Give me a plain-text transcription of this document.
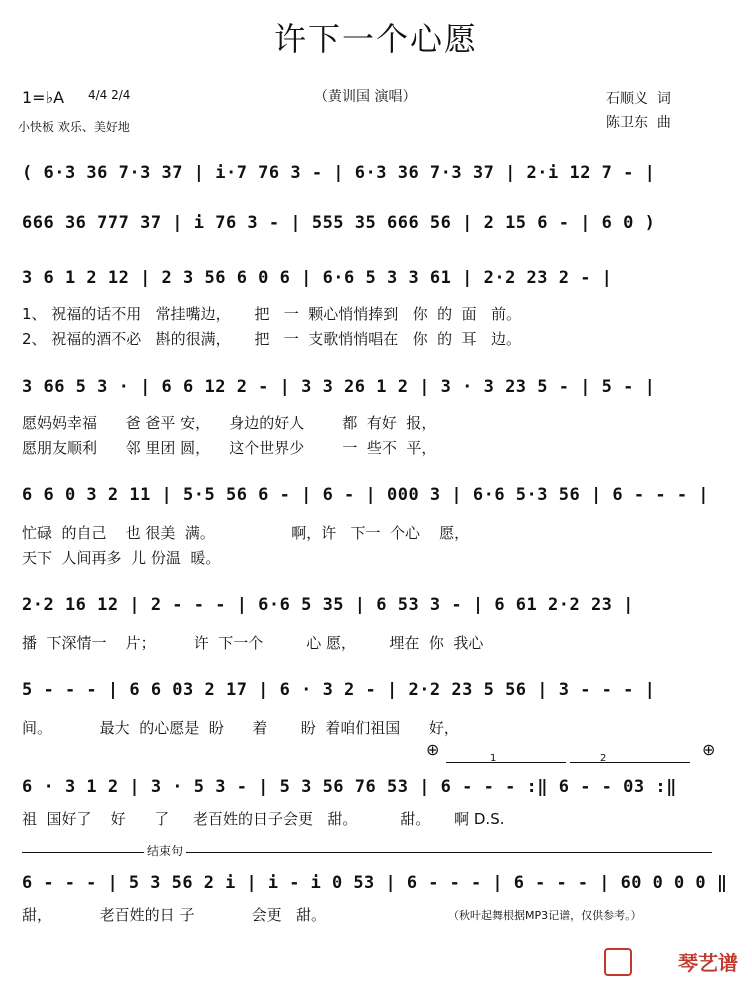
许下一个心愿
（黄训国 演唱）
1=♭A 4/4 2/4
小快板 欢乐、美好地
石顺义  词
陈卫东  曲

( 6·3 36 7·3 37 | i·7 76 3 - | 6·3 36 7·3 37 | 2·i 12 7 - |

666 36 777 37 | i 76 3 - | 555 35 666 56 | 2 15 6 - | 6 0 )

3 6 1 2 12 | 2 3 56 6 0 6 | 6·6 5 3 3 61 | 2·2 23 2 - |

1、 祝福的话不用   常挂嘴边，     把   一  颗心悄悄捧到   你  的  面   前。
2、 祝福的酒不必   斟的很满，     把   一  支歌悄悄唱在   你  的  耳   边。

3 66 5 3 · | 6 6 12 2 - | 3 3 26 1 2 | 3 · 3 23 5 - | 5 - |

愿妈妈幸福      爸 爸平 安，    身边的好人        都  有好  报，
愿朋友顺利      邻 里团 圆，    这个世界少        一  些不  平，

6 6 0 3 2 11 | 5·5 56 6 - | 6 - | 000 3 | 6·6 5·3 56 | 6 - - - |

忙碌  的自己    也 很美  满。                啊，许   下一  个心    愿，
天下  人间再多  儿 份温  暖。

2·2 16 12 | 2 - - - | 6·6 5 35 | 6 53 3 - | 6 61 2·2 23 |

播  下深情一    片；        许  下一个         心 愿，       埋在  你  我心

5 - - - | 6 6 03 2 17 | 6 · 3 2 - | 2·2 23 5 56 | 3 - - - |

间。          最大  的心愿是  盼      着       盼  着咱们祖国      好，
⊕	⊕
1	2

6 · 3 1 2 | 3 · 5 3 - | 5 3 56 76 53 | 6 - - - :‖ 6 - - 03 :‖

祖  国好了    好      了     老百姓的日子会更   甜。         甜。     啊 D.S.
结束句

6 - - - | 5 3 56 2 i | i - i 0 53 | 6 - - - | 6 - - - | 60 0 0 0 ‖

甜，          老百姓的日 子            会更   甜。	（秋叶起舞根据MP3记谱，仅供参考。）
琴艺谱
